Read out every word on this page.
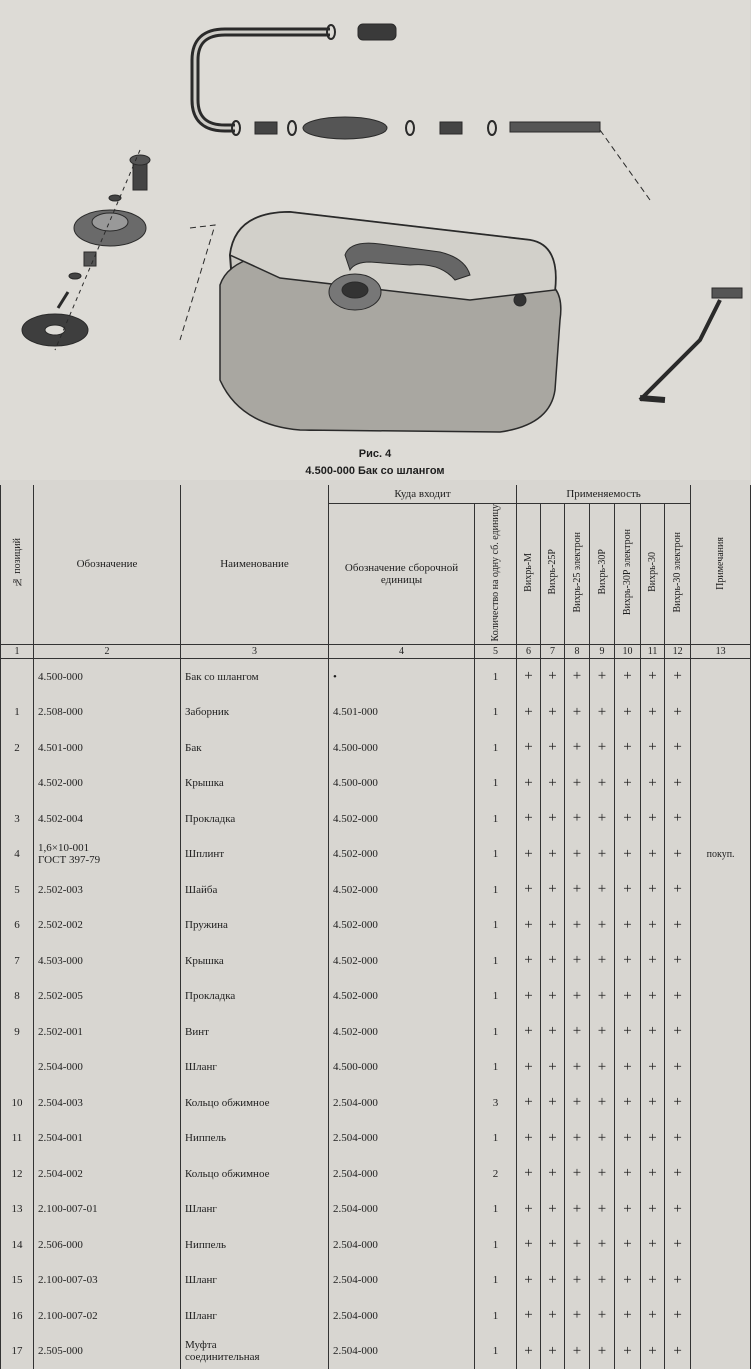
Рис. 4
4.500-000 Бак со шлангом
№ позиций	Обозначение	Наименование	Куда входит		Применяемость							Примечания
			Обозначение сборочной единицы	Количество на одну сб. единицу	Вихрь-М	Вихрь-25Р	Вихрь-25 электрон	Вихрь-30Р	Вихрь-30Р электрон	Вихрь-30	Вихрь-30 электрон	
1	2	3	4	5	6	7	8	9	10	11	12	13
	4.500-000	Бак со шлангом	•	1	+	+	+	+	+	+	+	
1	2.508-000	Заборник	4.501-000	1	+	+	+	+	+	+	+	
2	4.501-000	Бак	4.500-000	1	+	+	+	+	+	+	+	
	4.502-000	Крышка	4.500-000	1	+	+	+	+	+	+	+	
3	4.502-004	Прокладка	4.502-000	1	+	+	+	+	+	+	+	
4	1,6×10-001
ГОСТ 397-79	Шплинт	4.502-000	1	+	+	+	+	+	+	+	покуп.
5	2.502-003	Шайба	4.502-000	1	+	+	+	+	+	+	+	
6	2.502-002	Пружина	4.502-000	1	+	+	+	+	+	+	+	
7	4.503-000	Крышка	4.502-000	1	+	+	+	+	+	+	+	
8	2.502-005	Прокладка	4.502-000	1	+	+	+	+	+	+	+	
9	2.502-001	Винт	4.502-000	1	+	+	+	+	+	+	+	
	2.504-000	Шланг	4.500-000	1	+	+	+	+	+	+	+	
10	2.504-003	Кольцо обжимное	2.504-000	3	+	+	+	+	+	+	+	
11	2.504-001	Ниппель	2.504-000	1	+	+	+	+	+	+	+	
12	2.504-002	Кольцо обжимное	2.504-000	2	+	+	+	+	+	+	+	
13	2.100-007-01	Шланг	2.504-000	1	+	+	+	+	+	+	+	
14	2.506-000	Ниппель	2.504-000	1	+	+	+	+	+	+	+	
15	2.100-007-03	Шланг	2.504-000	1	+	+	+	+	+	+	+	
16	2.100-007-02	Шланг	2.504-000	1	+	+	+	+	+	+	+	
17	2.505-000	Муфта
соединительная	2.504-000	1	+	+	+	+	+	+	+	
